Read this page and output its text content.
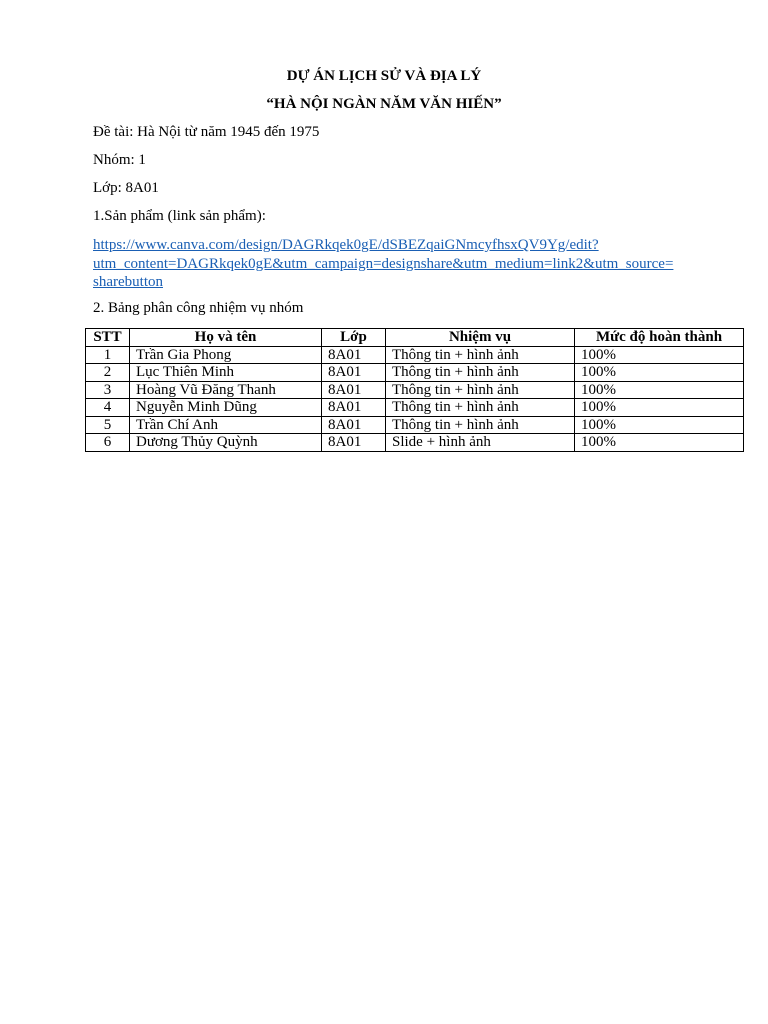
DỰ ÁN LỊCH SỬ VÀ ĐỊA LÝ
“HÀ NỘI NGÀN NĂM VĂN HIẾN”
Đề tài: Hà Nội từ năm 1945 đến 1975
Nhóm: 1
Lớp: 8A01
1.Sản phẩm (link sản phẩm):
https://www.canva.com/design/DAGRkqek0gE/dSBEZqaiGNmcyfhsxQV9Yg/edit?
utm_content=DAGRkqek0gE&utm_campaign=designshare&utm_medium=link2&utm_source=
sharebutton
2. Bảng phân công nhiệm vụ nhóm
STT	Họ và tên	Lớp	Nhiệm vụ	Mức độ hoàn thành
1	Trần Gia Phong	8A01	Thông tin + hình ảnh	100%
2	Lục Thiên Minh	8A01	Thông tin + hình ảnh	100%
3	Hoàng Vũ Đăng Thanh	8A01	Thông tin + hình ảnh	100%
4	Nguyễn Minh Dũng	8A01	Thông tin + hình ảnh	100%
5	Trần Chí Anh	8A01	Thông tin + hình ảnh	100%
6	Dương Thủy Quỳnh	8A01	Slide + hình ảnh	100%
